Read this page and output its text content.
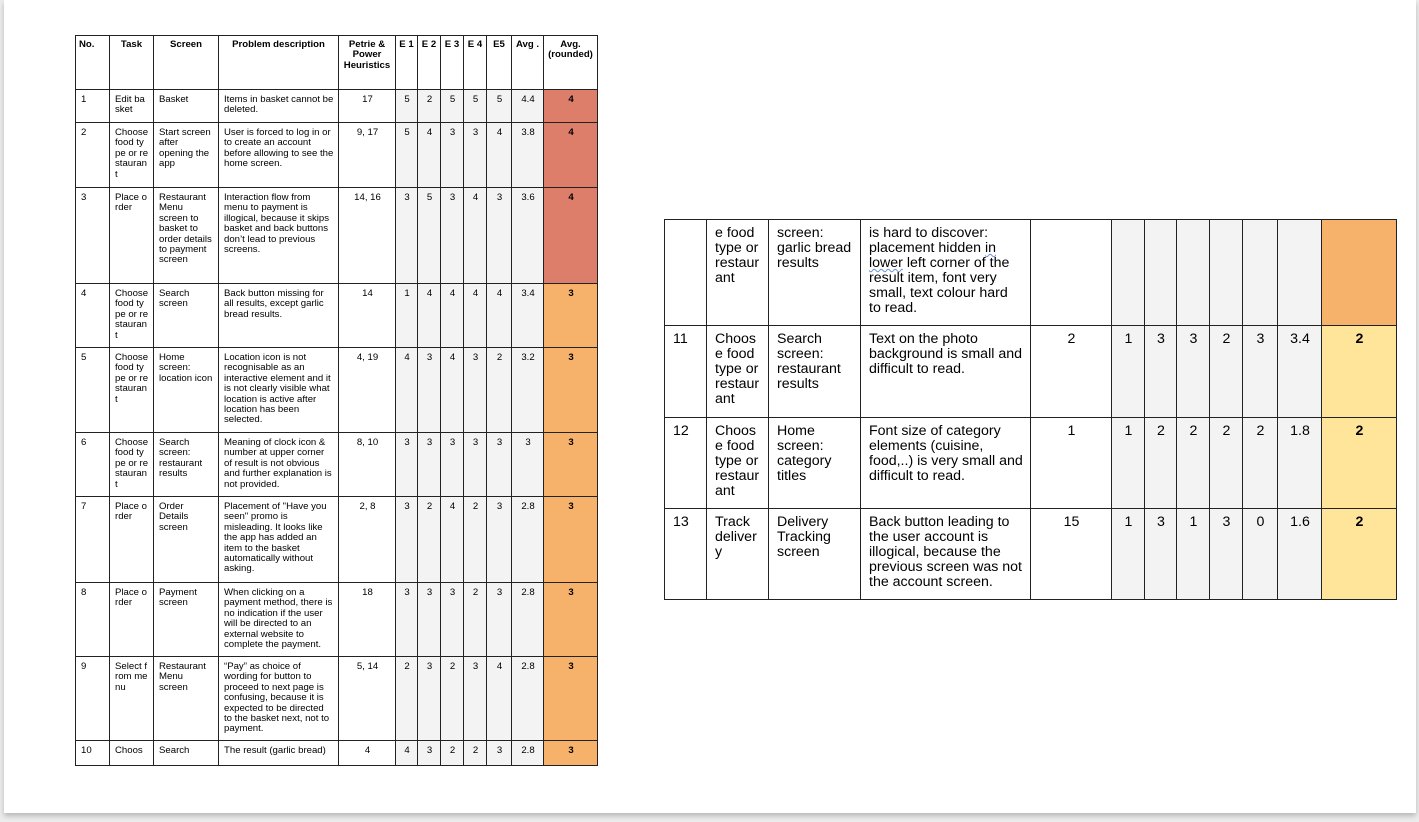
No.	Task	Screen	Problem description	Petrie & Power Heuristics	E 1	E 2	E 3	E 4	E5	Avg .	Avg. (rounded)
1	Edit basket	Basket	Items in basket cannot be deleted.	17	5	2	5	5	5	4.4	4
2	Choose food type or restaurant	Start screen after opening the app	User is forced to log in or to create an account before allowing to see the home screen.	9, 17	5	4	3	3	4	3.8	4
3	Place order	Restaurant Menu screen to basket to order details to payment screen	Interaction flow from menu to payment is illogical, because it skips basket and back buttons don’t lead to previous screens.	14, 16	3	5	3	4	3	3.6	4
4	Choose food type or restaurant	Search screen	Back button missing for all results, except garlic bread results.	14	1	4	4	4	4	3.4	3
5	Choose food type or restaurant	Home screen: location icon	Location icon is not recognisable as an interactive element and it is not clearly visible what location is active after location has been selected.	4, 19	4	3	4	3	2	3.2	3
6	Choose food type or restaurant	Search screen: restaurant results	Meaning of clock icon & number at upper corner of result is not obvious and further explanation is not provided.	8, 10	3	3	3	3	3	3	3
7	Place order	Order Details screen	Placement of "Have you seen" promo is misleading. It looks like the app has added an item to the basket automatically without asking.	2, 8	3	2	4	2	3	2.8	3
8	Place order	Payment screen	When clicking on a payment method, there is no indication if the user will be directed to an external website to complete the payment.	18	3	3	3	2	3	2.8	3
9	Select from menu	Restaurant Menu screen	“Pay” as choice of wording for button to proceed to next page is confusing, because it is expected to be directed to the basket next, not to payment.	5, 14	2	3	2	3	4	2.8	3
10	Choos	Search	The result (garlic bread)	4	4	3	2	2	3	2.8	3
	e food type or restaurant	screen: garlic bread results	is hard to discover: placement hidden in lower left corner of the result item, font very small, text colour hard to read.								
11	Choose food type or restaurant	Search screen: restaurant results	Text on the photo background is small and difficult to read.	2	1	3	3	2	3	3.4	2
12	Choose food type or restaurant	Home screen: category titles	Font size of category elements (cuisine, food,..) is very small and difficult to read.	1	1	2	2	2	2	1.8	2
13	Track delivery	Delivery Tracking screen	Back button leading to the user account is illogical, because the previous screen was not the account screen.	15	1	3	1	3	0	1.6	2
